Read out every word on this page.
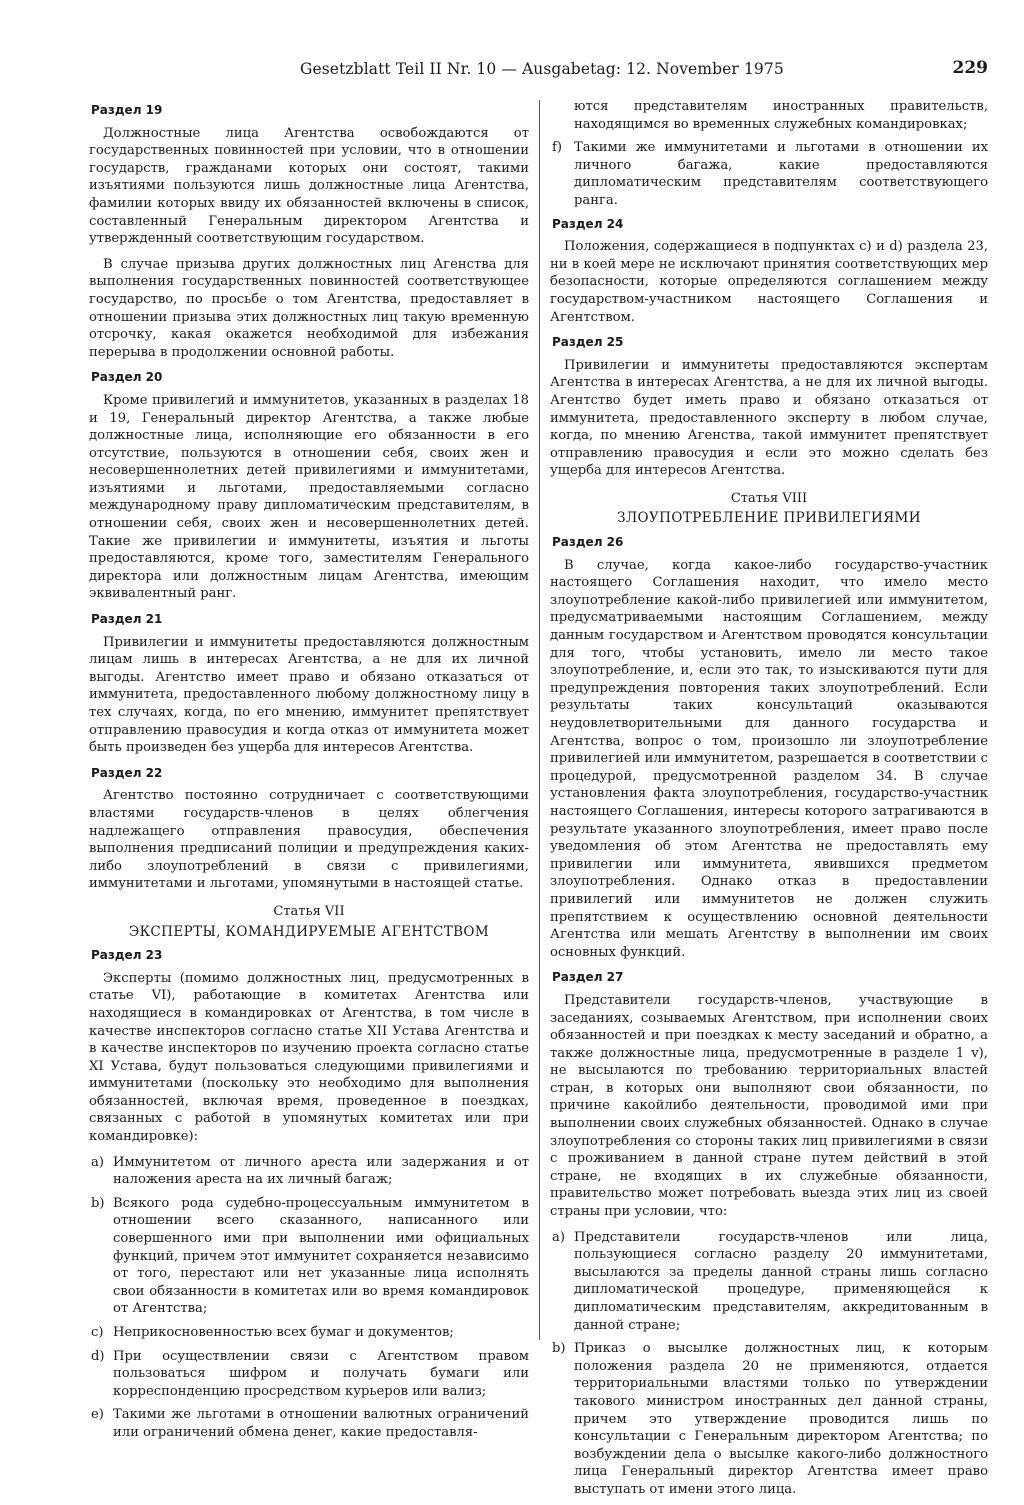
Gesetzblatt Teil II Nr. 10 — Ausgabetag: 12. November 1975	229
Раздел 19

Должностные лица Агентства освобождаются от государственных повинностей при условии, что в отношении государств, гражданами которых они состоят, такими изъятиями пользуются лишь должностные лица Агентства, фамилии которых ввиду их обязанностей включены в список, составленный Генеральным директором Агентства и утвержденный соответствующим государством.

В случае призыва других должностных лиц Агенства для выполнения государственных повинностей соответствующее государство, по просьбе о том Агентства, предоставляет в отношении призыва этих должностных лиц такую временную отсрочку, какая окажется необходимой для избежания перерыва в продолжении основной работы.

Раздел 20

Кроме привилегий и иммунитетов, указанных в разделах 18 и 19, Генеральный директор Агентства, а также любые должностные лица, исполняющие его обязанности в его отсутствие, пользуются в отношении себя, своих жен и несовершеннолетних детей привилегиями и иммунитетами, изъятиями и льготами, предоставляемыми согласно международному праву дипломатическим представителям, в отношении себя, своих жен и несовершеннолетних детей. Такие же привилегии и иммунитеты, изъятия и льготы предоставляются, кроме того, заместителям Генерального директора или должностным лицам Агентства, имеющим эквивалентный ранг.

Раздел 21

Привилегии и иммунитеты предоставляются должностным лицам лишь в интересах Агентства, а не для их личной выгоды. Агентство имеет право и обязано отказаться от иммунитета, предоставленного любому должностному лицу в тех случаях, когда, по его мнению, иммунитет препятствует отправлению правосудия и когда отказ от иммунитета может быть произведен без ущерба для интересов Агентства.

Раздел 22

Агентство постоянно сотрудничает с соответствующими властями государств-членов в целях облегчения надлежащего отправления правосудия, обеспечения выполнения предписаний полиции и предупреждения каких-либо злоупотреблений в связи с привилегиями, иммунитетами и льготами, упомянутыми в настоящей статье.

Статья VII
ЭКСПЕРТЫ, КОМАНДИРУЕМЫЕ АГЕНТСТВОМ
Раздел 23

Эксперты (помимо должностных лиц, предусмотренных в статье VI), работающие в комитетах Агентства или находящиеся в командировках от Агентства, в том числе в качестве инспекторов согласно статье XII Устава Агентства и в качестве инспекторов по изучению проекта согласно статье XI Устава, будут пользоваться следующими привилегиями и иммунитетами (поскольку это необходимо для выполнения обязанностей, включая время, проведенное в поездках, связанных с работой в упомянутых комитетах или при командировке):

a) Иммунитетом от личного ареста или задержания и от наложения ареста на их личный багаж;
b) Всякого рода судебно-процессуальным иммунитетом в отношении всего сказанного, написанного или совершенного ими при выполнении ими официальных функций, причем этот иммунитет сохраняется независимо от того, перестают или нет указанные лица исполнять свои обязанности в комитетах или во время командировок от Агентства;
c) Неприкосновенностью всех бумаг и документов;
d) При осуществлении связи с Агентством правом пользоваться шифром и получать бумаги или корреспонденцию просредством курьеров или вализ;
e) Такими же льготами в отношении валютных ограничений или ограничений обмена денег, какие предоставля-
ются представителям иностранных правительств, находящимся во временных служебных командировках;
f) Такими же иммунитетами и льготами в отношении их личного багажа, какие предоставляются дипломатическим представителям соответствующего ранга.
Раздел 24

Положения, содержащиеся в подпунктах c) и d) раздела 23, ни в коей мере не исключают принятия соответствующих мер безопасности, которые определяются соглашением между государством-участником настоящего Соглашения и Агентством.

Раздел 25

Привилегии и иммунитеты предоставляются экспертам Агентства в интересах Агентства, а не для их личной выгоды. Агентство будет иметь право и обязано отказаться от иммунитета, предоставленного эксперту в любом случае, когда, по мнению Агенства, такой иммунитет препятствует отправлению правосудия и если это можно сделать без ущерба для интересов Агентства.

Статья VIII
ЗЛОУПОТРЕБЛЕНИЕ ПРИВИЛЕГИЯМИ
Раздел 26

В случае, когда какое-либо государство-участник настоящего Соглашения находит, что имело место злоупотребление какой-либо привилегией или иммунитетом, предусматриваемыми настоящим Соглашением, между данным государством и Агентством проводятся консультации для того, чтобы установить, имело ли место такое злоупотребление, и, если это так, то изыскиваются пути для предупреждения повторения таких злоупотреблений. Если результаты таких консультаций оказываются неудовлетворительными для данного государства и Агентства, вопрос о том, произошло ли злоупотребление привилегией или иммунитетом, разрешается в соответствии с процедурой, предусмотренной разделом 34. В случае установления факта злоупотребления, государство-участник настоящего Соглашения, интересы которого затрагиваются в результате указанного злоупотребления, имеет право после уведомления об этом Агентства не предоставлять ему привилегии или иммунитета, явившихся предметом злоупотребления. Однако отказ в предоставлении привилегий или иммунитетов не должен служить препятствием к осуществлению основной деятельности Агентства или мешать Агентству в выполнении им своих основных функций.

Раздел 27

Представители государств-членов, участвующие в заседаниях, созываемых Агентством, при исполнении своих обязанностей и при поездках к месту заседаний и обратно, а также должностные лица, предусмотренные в разделе 1 v), не высылаются по требованию территориальных властей стран, в которых они выполняют свои обязанности, по причине какойлибо деятельности, проводимой ими при выполнении своих служебных обязанностей. Однако в случае злоупотребления со стороны таких лиц привилегиями в связи с проживанием в данной стране путем действий в этой стране, не входящих в их служебные обязанности, правительство может потребовать выезда этих лиц из своей страны при условии, что:

a) Представители государств-членов или лица, пользующиеся согласно разделу 20 иммунитетами, высылаются за пределы данной страны лишь согласно дипломатической процедуре, применяющейся к дипломатическим представителям, аккредитованным в данной стране;
b) Приказ о высылке должностных лиц, к которым положения раздела 20 не применяются, отдается территориальными властями только по утверждении такового министром иностранных дел данной страны, причем это утверждение проводится лишь по консультации с Генеральным директором Агентства; по возбуждении дела о высылке какого-либо должностного лица Генеральный директор Агентства имеет право выступать от имени этого лица.
